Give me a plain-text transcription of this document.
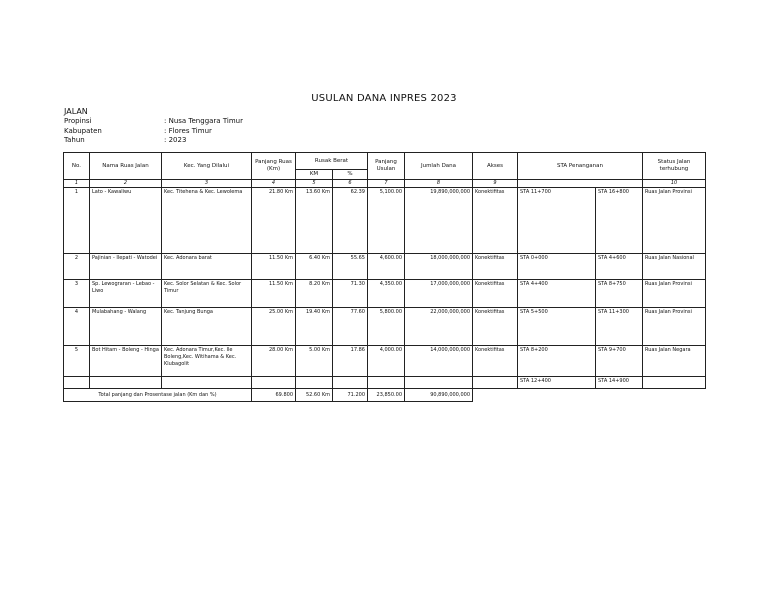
USULAN DANA INPRES 2023
JALAN
Propinsi	: Nusa Tenggara Timur
Kabupaten	: Flores Timur
Tahun	: 2023
No.	Nama Ruas Jalan	Kec. Yang Dilalui	Panjang Ruas (Km)	Rusak Berat		Panjang Usulan	Jumlah Dana	Akses	STA Penanganan		Status Jalan terhubung	
				KM	%							
1	2	3	4	5	6	7	8	9			10	
1	Lato - Kawaliwu	Kec. Titehena & Kec. Lewolema	21.80 Km	13.60 Km	62.39	5,100.00	19,890,000,000	Konektifitas	STA 11+700	STA 16+800	Ruas Jalan Provinsi	
2	Pajinian - Ilepati - Watodei	Kec. Adonara barat	11.50 Km	6.40 Km	55.65	4,600.00	18,000,000,000	Konektifitas	STA 0+000	STA 4+600	Ruas Jalan Nasional	
3	Sp. Lewograran - Lebao - Liwo	Kec. Solor Selatan & Kec. Solor Timur	11.50 Km	8.20 Km	71.30	4,350.00	17,000,000,000	Konektifitas	STA 4+400	STA 8+750	Ruas Jalan Provinsi	
4	Mulabahang - Walang	Kec. Tanjung Bunga	25.00 Km	19.40 Km	77.60	5,800.00	22,000,000,000	Konektifitas	STA 5+500	STA 11+300	Ruas Jalan Provinsi	
5	Bot Hitam - Boleng - Hinga	Kec. Adonara Timur,Kec. Ile Boleng,Kec. Witihama & Kec. Klubagolit	28.00 Km	5.00 Km	17.86	4,000.00	14,000,000,000	Konektifitas	STA 8+200	STA 9+700	Ruas Jalan Negara	
									STA 12+400	STA 14+900		
Total panjang dan Prosentase jalan (Km dan %)			69.800	52.60 Km	71.200	23,850.00	90,890,000,000					
